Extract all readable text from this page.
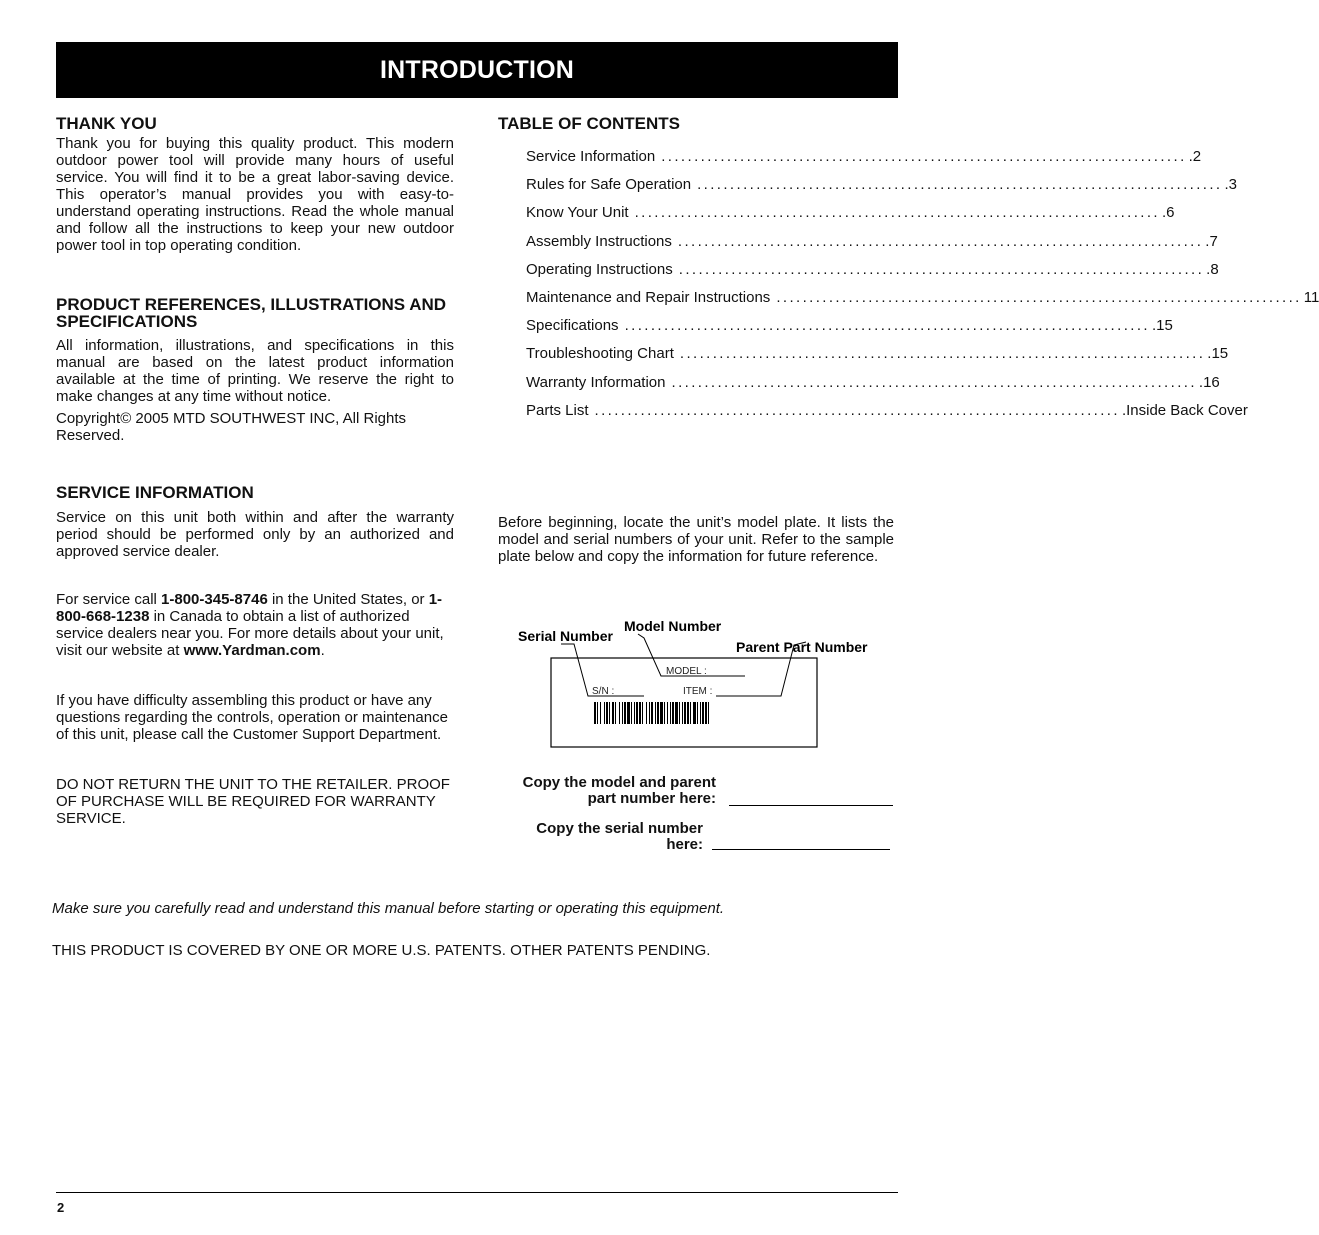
INTRODUCTION
THANK YOU

Thank you for buying this quality product. This modern outdoor power tool will provide many hours of useful service. You will find it to be a great labor-saving device. This operator’s manual provides you with easy-to-understand operating instructions. Read the whole manual and follow all the instructions to keep your new outdoor power tool in top operating condition.

PRODUCT REFERENCES, ILLUSTRATIONS AND SPECIFICATIONS

All information, illustrations, and specifications in this manual are based on the latest product information available at the time of printing. We reserve the right to make changes at any time without notice.

Copyright© 2005 MTD SOUTHWEST INC, All Rights Reserved.

SERVICE INFORMATION

Service on this unit both within and after the warranty period should be performed only by an authorized and approved service dealer.

For service call 1-800-345-8746 in the United States, or 1-800-668-1238 in Canada to obtain a list of authorized service dealers near you. For more details about your unit, visit our website at www.Yardman.com.

If you have difficulty assembling this product or have any questions regarding the controls, operation or maintenance of this unit, please call the Customer Support Department.

DO NOT RETURN THE UNIT TO THE RETAILER. PROOF OF PURCHASE WILL BE REQUIRED FOR WARRANTY SERVICE.

TABLE OF CONTENTS
Service Information ................................................................................ .2
Rules for Safe Operation ................................................................................ .3
Know Your Unit ................................................................................ .6
Assembly Instructions ................................................................................ .7
Operating Instructions ................................................................................ .8
Maintenance and Repair Instructions ................................................................................ 11
Specifications ................................................................................ .15
Troubleshooting Chart ................................................................................ .15
Warranty Information ................................................................................ .16
Parts List ................................................................................ .Inside Back Cover

Before beginning, locate the unit’s model plate. It lists the model and serial numbers of your unit. Refer to the sample plate below and copy the information for future reference.

Serial Number
Model Number
Parent Part Number
MODEL :
S/N :	ITEM :
Copy the model and parent
part number here:
Copy the serial number
here:
Make sure you carefully read and understand this manual before starting or operating this equipment.
THIS PRODUCT IS COVERED BY ONE OR MORE U.S. PATENTS. OTHER PATENTS PENDING.
2
